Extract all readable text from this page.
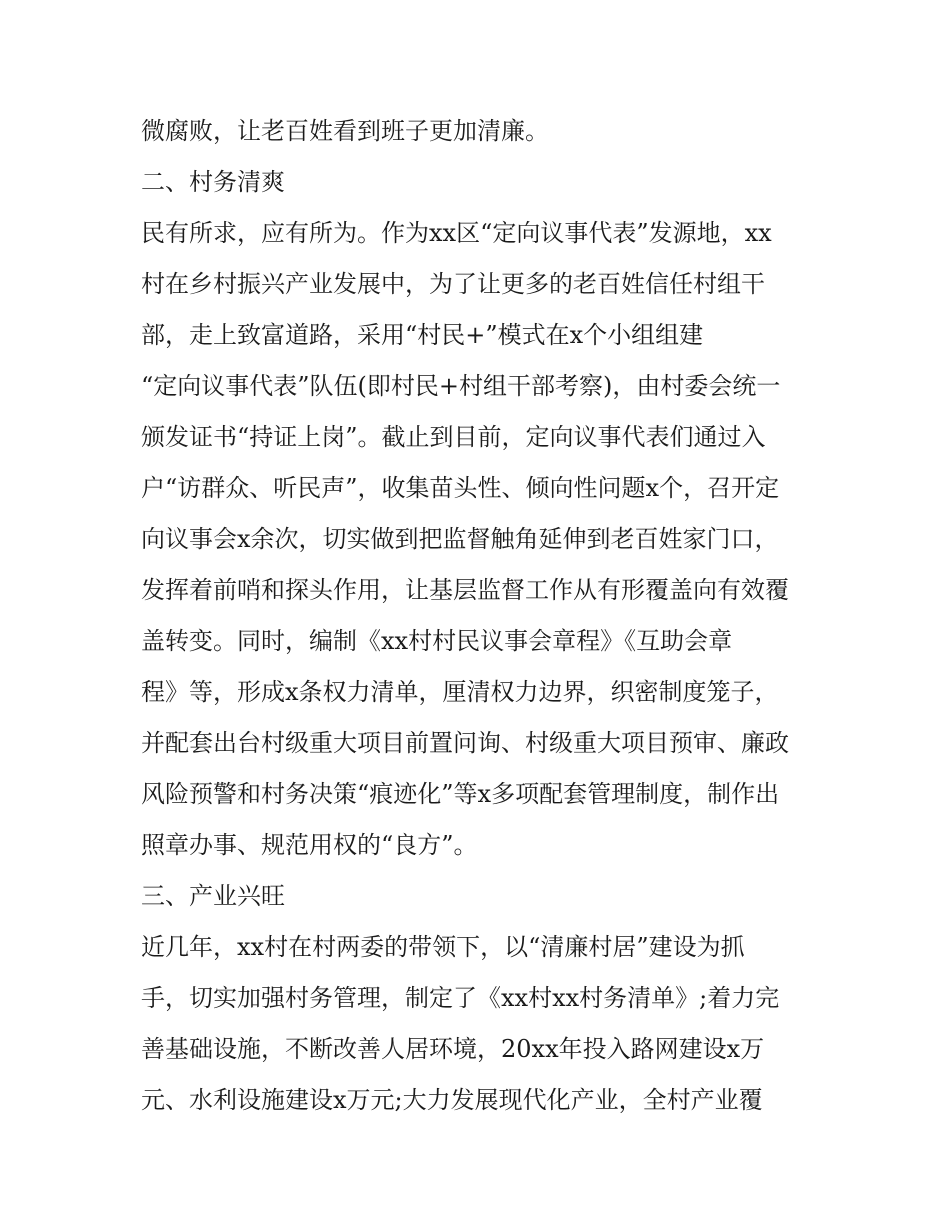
微腐败，让老百姓看到班子更加清廉。
二、村务清爽
民有所求，应有所为。作为xx区“定向议事代表”发源地，xx
村在乡村振兴产业发展中，为了让更多的老百姓信任村组干
部，走上致富道路，采用“村民+”模式在x个小组组建
“定向议事代表”队伍(即村民+村组干部考察)，由村委会统一
颁发证书“持证上岗”。截止到目前，定向议事代表们通过入
户“访群众、听民声”，收集苗头性、倾向性问题x个，召开定
向议事会x余次，切实做到把监督触角延伸到老百姓家门口，
发挥着前哨和探头作用，让基层监督工作从有形覆盖向有效覆
盖转变。同时，编制《xx村村民议事会章程》《互助会章
程》等，形成x条权力清单，厘清权力边界，织密制度笼子，
并配套出台村级重大项目前置问询、村级重大项目预审、廉政
风险预警和村务决策“痕迹化”等x多项配套管理制度，制作出
照章办事、规范用权的“良方”。
三、产业兴旺
近几年，xx村在村两委的带领下，以“清廉村居”建设为抓
手，切实加强村务管理，制定了《xx村xx村务清单》;着力完
善基础设施，不断改善人居环境，20xx年投入路网建设x万
元、水利设施建设x万元;大力发展现代化产业，全村产业覆
